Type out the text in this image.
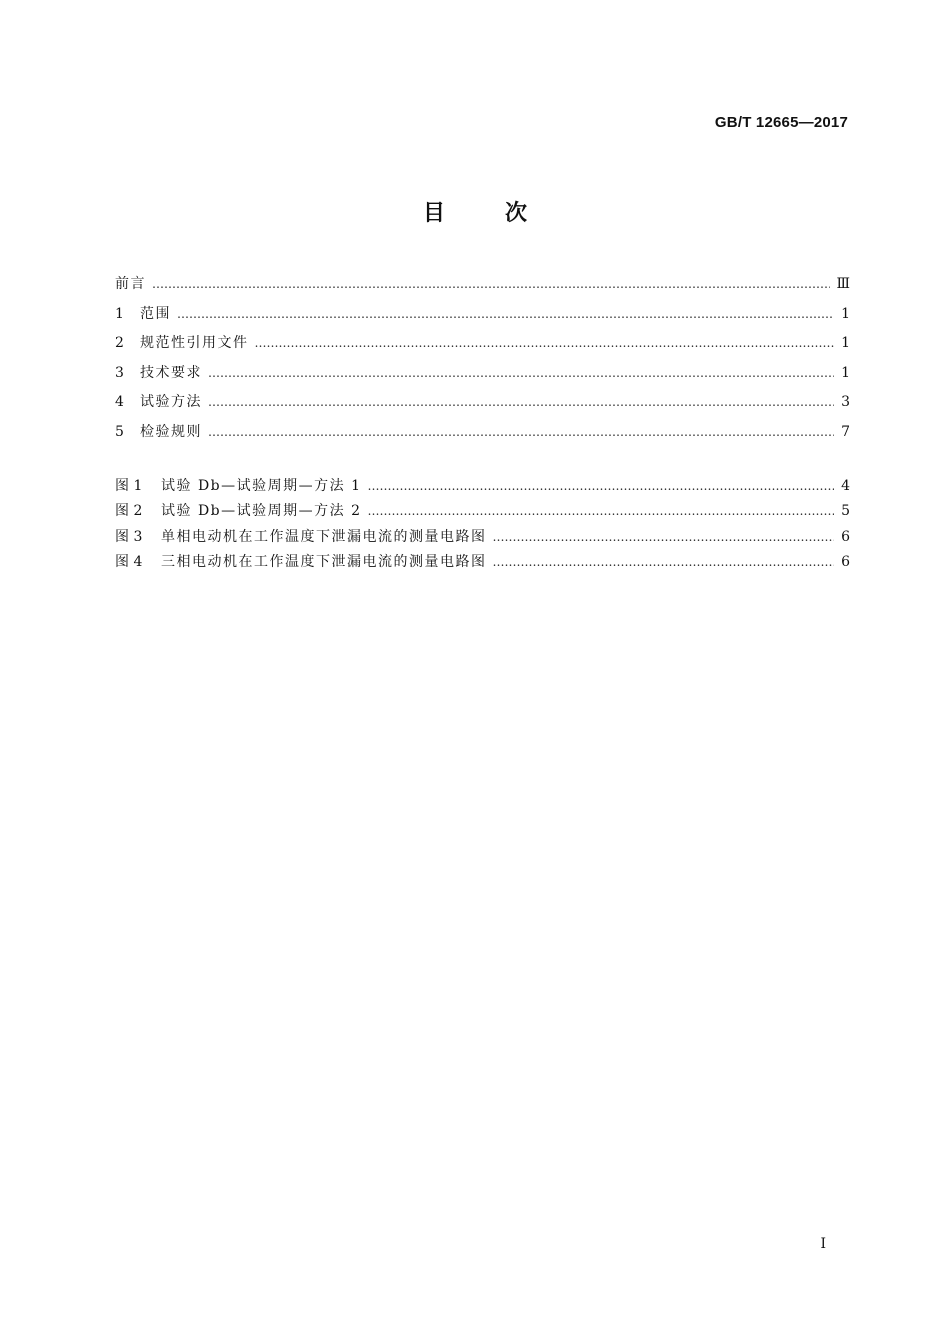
GB/T 12665—2017
目次
前言 ……………………………………………………………………………………………………………………………………………………………………………………………………………………	Ⅲ
1	范围 ……………………………………………………………………………………………………………………………………………………………………………………………………………………	1
2	规范性引用文件 ……………………………………………………………………………………………………………………………………………………………………………………………………………………	1
3	技术要求 ……………………………………………………………………………………………………………………………………………………………………………………………………………………	1
4	试验方法 ……………………………………………………………………………………………………………………………………………………………………………………………………………………	3
5	检验规则 ……………………………………………………………………………………………………………………………………………………………………………………………………………………	7
图 1	试验 Db—试验周期—方法 1 ……………………………………………………………………………………………………………………………………………………………………………………………………………………	4
图 2	试验 Db—试验周期—方法 2 ……………………………………………………………………………………………………………………………………………………………………………………………………………………	5
图 3	单相电动机在工作温度下泄漏电流的测量电路图 ……………………………………………………………………………………………………………………………………………………………………………………………………………………	6
图 4	三相电动机在工作温度下泄漏电流的测量电路图 ……………………………………………………………………………………………………………………………………………………………………………………………………………………	6
Ⅰ
